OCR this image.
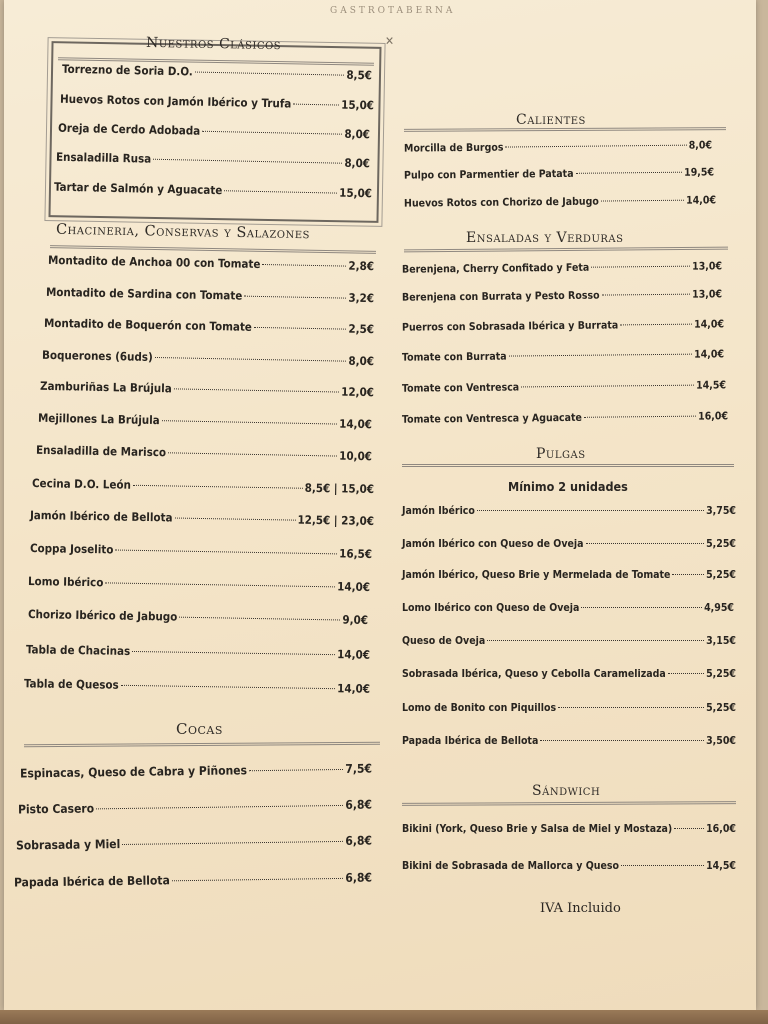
GASTROTABERNA
✕
Nuestros Clásicos
Torrezno de Soria D.O.	8,5€
Huevos Rotos con Jamón Ibérico y Trufa	15,0€
Oreja de Cerdo Adobada	8,0€
Ensaladilla Rusa	8,0€
Tartar de Salmón y Aguacate	15,0€
Chacineria, Conservas y Salazones
Montadito de Anchoa 00 con Tomate	2,8€
Montadito de Sardina con Tomate	3,2€
Montadito de Boquerón con Tomate	2,5€
Boquerones (6uds)	8,0€
Zamburiñas La Brújula	12,0€
Mejillones La Brújula	14,0€
Ensaladilla de Marisco	10,0€
Cecina D.O. León	8,5€ | 15,0€
Jamón Ibérico de Bellota	12,5€ | 23,0€
Coppa Joselito	16,5€
Lomo Ibérico	14,0€
Chorizo Ibérico de Jabugo	9,0€
Tabla de Chacinas	14,0€
Tabla de Quesos	14,0€
Cocas
Espinacas, Queso de Cabra y Piñones	7,5€
Pisto Casero	6,8€
Sobrasada y Miel	6,8€
Papada Ibérica de Bellota	6,8€
Calientes
Morcilla de Burgos	8,0€
Pulpo con Parmentier de Patata	19,5€
Huevos Rotos con Chorizo de Jabugo	14,0€
Ensaladas y Verduras
Berenjena, Cherry Confitado y Feta	13,0€
Berenjena con Burrata y Pesto Rosso	13,0€
Puerros con Sobrasada Ibérica y Burrata	14,0€
Tomate con Burrata	14,0€
Tomate con Ventresca	14,5€
Tomate con Ventresca y Aguacate	16,0€
Pulgas
Mínimo 2 unidades
Jamón Ibérico	3,75€
Jamón Ibérico con Queso de Oveja	5,25€
Jamón Ibérico, Queso Brie y Mermelada de Tomate	5,25€
Lomo Ibérico con Queso de Oveja	4,95€
Queso de Oveja	3,15€
Sobrasada Ibérica, Queso y Cebolla Caramelizada	5,25€
Lomo de Bonito con Piquillos	5,25€
Papada Ibérica de Bellota	3,50€
Sándwich
Bikini (York, Queso Brie y Salsa de Miel y Mostaza)	16,0€
Bikini de Sobrasada de Mallorca y Queso	14,5€
IVA Incluido
